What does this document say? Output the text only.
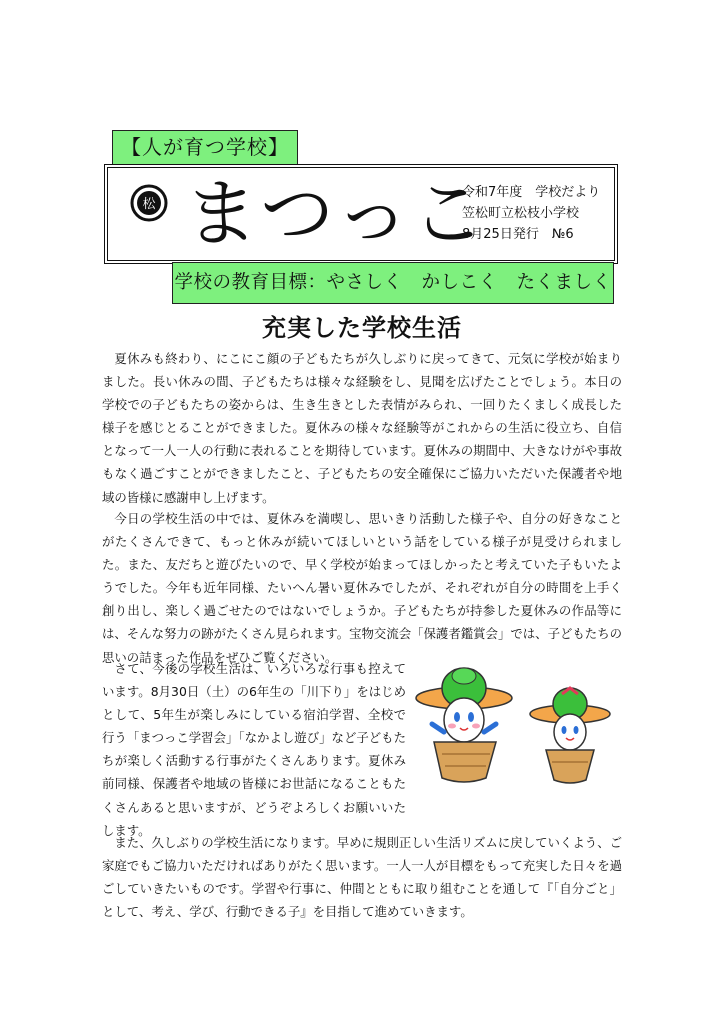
【人が育つ学校】
松 まつっこ
令和7年度　学校だより
笠松町立松枝小学校
8月25日発行　№6
学校の教育目標：やさしく　かしこく　たくましく
充実した学校生活

夏休みも終わり、にこにこ顔の子どもたちが久しぶりに戻ってきて、元気に学校が始まりました。長い休みの間、子どもたちは様々な経験をし、見聞を広げたことでしょう。本日の学校での子どもたちの姿からは、生き生きとした表情がみられ、一回りたくましく成長した様子を感じとることができました。夏休みの様々な経験等がこれからの生活に役立ち、自信となって一人一人の行動に表れることを期待しています。夏休みの期間中、大きなけがや事故もなく過ごすことができましたこと、子どもたちの安全確保にご協力いただいた保護者や地域の皆様に感謝申し上げます。

今日の学校生活の中では、夏休みを満喫し、思いきり活動した様子や、自分の好きなことがたくさんできて、もっと休みが続いてほしいという話をしている様子が見受けられました。また、友だちと遊びたいので、早く学校が始まってほしかったと考えていた子もいたようでした。今年も近年同様、たいへん暑い夏休みでしたが、それぞれが自分の時間を上手く創り出し、楽しく過ごせたのではないでしょうか。子どもたちが持参した夏休みの作品等には、そんな努力の跡がたくさん見られます。宝物交流会「保護者鑑賞会」では、子どもたちの思いの詰まった作品をぜひご覧ください。

さて、今後の学校生活は、いろいろな行事も控えています。8月30日（土）の6年生の「川下り」をはじめとして、5年生が楽しみにしている宿泊学習、全校で行う「まつっこ学習会」「なかよし遊び」など子どもたちが楽しく活動する行事がたくさんあります。夏休み前同様、保護者や地域の皆様にお世話になることもたくさんあると思いますが、どうぞよろしくお願いいたします。

また、久しぶりの学校生活になります。早めに規則正しい生活リズムに戻していくよう、ご家庭でもご協力いただければありがたく思います。一人一人が目標をもって充実した日々を過ごしていきたいものです。学習や行事に、仲間とともに取り組むことを通して『「自分ごと」として、考え、学び、行動できる子』を目指して進めていきます。
